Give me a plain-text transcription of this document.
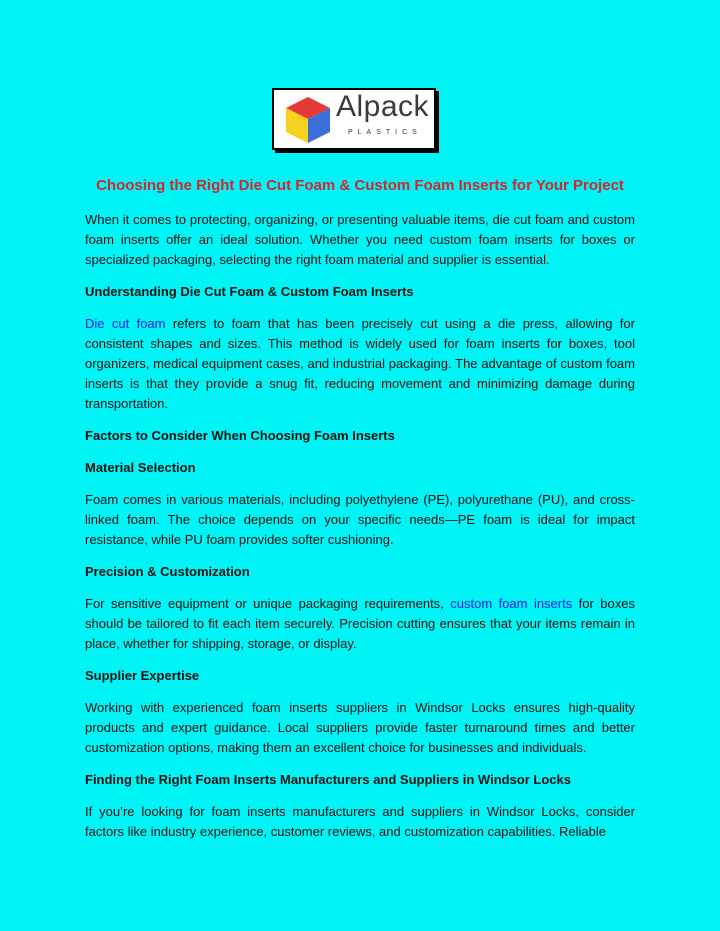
Alpack
PLASTICS
Choosing the Right Die Cut Foam & Custom Foam Inserts for Your Project

When it comes to protecting, organizing, or presenting valuable items, die cut foam and custom foam inserts offer an ideal solution. Whether you need custom foam inserts for boxes or specialized packaging, selecting the right foam material and supplier is essential.

Understanding Die Cut Foam & Custom Foam Inserts

Die cut foam refers to foam that has been precisely cut using a die press, allowing for consistent shapes and sizes. This method is widely used for foam inserts for boxes, tool organizers, medical equipment cases, and industrial packaging. The advantage of custom foam inserts is that they provide a snug fit, reducing movement and minimizing damage during transportation.

Factors to Consider When Choosing Foam Inserts
Material Selection

Foam comes in various materials, including polyethylene (PE), polyurethane (PU), and cross-linked foam. The choice depends on your specific needs—PE foam is ideal for impact resistance, while PU foam provides softer cushioning.

Precision & Customization

For sensitive equipment or unique packaging requirements, custom foam inserts for boxes should be tailored to fit each item securely. Precision cutting ensures that your items remain in place, whether for shipping, storage, or display.

Supplier Expertise

Working with experienced foam inserts suppliers in Windsor Locks ensures high-quality products and expert guidance. Local suppliers provide faster turnaround times and better customization options, making them an excellent choice for businesses and individuals.

Finding the Right Foam Inserts Manufacturers and Suppliers in Windsor Locks

If you’re looking for foam inserts manufacturers and suppliers in Windsor Locks, consider factors like industry experience, customer reviews, and customization capabilities. Reliable
